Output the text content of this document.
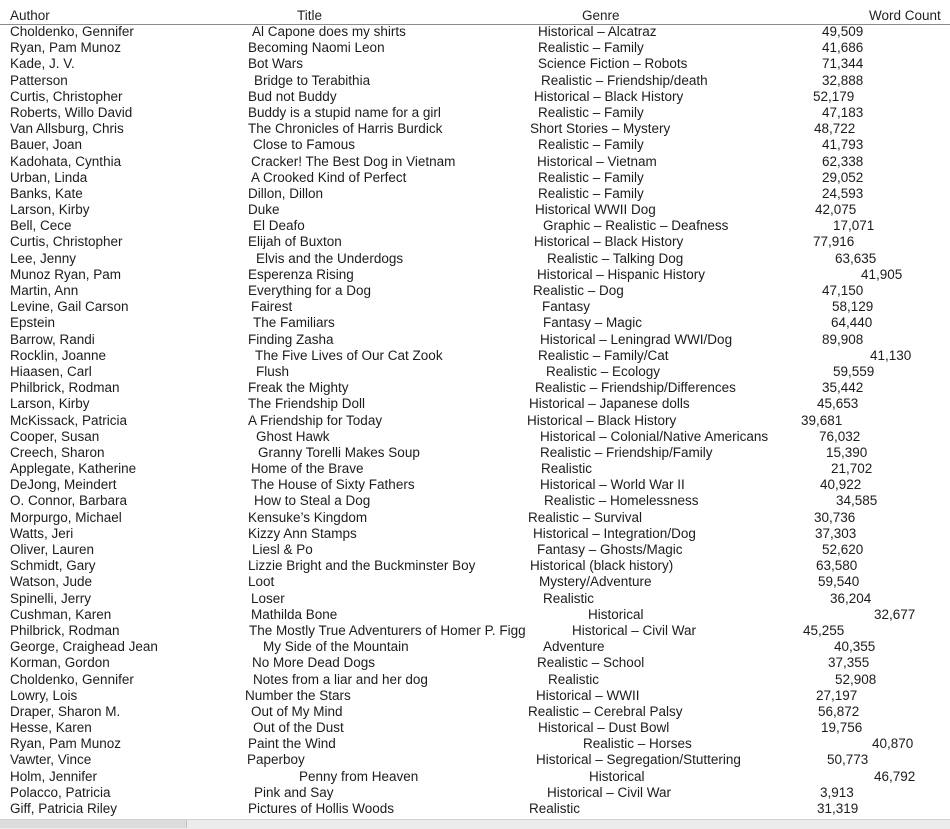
Author	Title	Genre	Word Count
Choldenko, Gennifer	Al Capone does my shirts	Historical – Alcatraz	49,509
Ryan, Pam Munoz	Becoming Naomi Leon	Realistic – Family	41,686
Kade, J. V.	Bot Wars	Science Fiction – Robots	71,344
Patterson	Bridge to Terabithia	Realistic – Friendship/death	32,888
Curtis, Christopher	Bud not Buddy	Historical – Black History	52,179
Roberts, Willo David	Buddy is a stupid name for a girl	Realistic – Family	47,183
Van Allsburg, Chris	The Chronicles of Harris Burdick	Short Stories – Mystery	48,722
Bauer, Joan	Close to Famous	Realistic – Family	41,793
Kadohata, Cynthia	Cracker! The Best Dog in Vietnam	Historical – Vietnam	62,338
Urban, Linda	A Crooked Kind of Perfect	Realistic – Family	29,052
Banks, Kate	Dillon, Dillon	Realistic – Family	24,593
Larson, Kirby	Duke	Historical WWII Dog	42,075
Bell, Cece	El Deafo	Graphic – Realistic – Deafness	17,071
Curtis, Christopher	Elijah of Buxton	Historical – Black History	77,916
Lee, Jenny	Elvis and the Underdogs	Realistic – Talking Dog	63,635
Munoz Ryan, Pam	Esperenza Rising	Historical – Hispanic History	41,905
Martin, Ann	Everything for a Dog	Realistic – Dog	47,150
Levine, Gail Carson	Fairest	Fantasy	58,129
Epstein	The Familiars	Fantasy – Magic	64,440
Barrow, Randi	Finding Zasha	Historical – Leningrad WWI/Dog	89,908
Rocklin, Joanne	The Five Lives of Our Cat Zook	Realistic – Family/Cat	41,130
Hiaasen, Carl	Flush	Realistic – Ecology	59,559
Philbrick, Rodman	Freak the Mighty	Realistic – Friendship/Differences	35,442
Larson, Kirby	The Friendship Doll	Historical – Japanese dolls	45,653
McKissack, Patricia	A Friendship for Today	Historical – Black History	39,681
Cooper, Susan	Ghost Hawk	Historical – Colonial/Native Americans	76,032
Creech, Sharon	Granny Torelli Makes Soup	Realistic – Friendship/Family	15,390
Applegate, Katherine	Home of the Brave	Realistic	21,702
DeJong, Meindert	The House of Sixty Fathers	Historical – World War II	40,922
O. Connor, Barbara	How to Steal a Dog	Realistic – Homelessness	34,585
Morpurgo, Michael	Kensuke’s Kingdom	Realistic – Survival	30,736
Watts, Jeri	Kizzy Ann Stamps	Historical – Integration/Dog	37,303
Oliver, Lauren	Liesl & Po	Fantasy – Ghosts/Magic	52,620
Schmidt, Gary	Lizzie Bright and the Buckminster Boy	Historical (black history)	63,580
Watson, Jude	Loot	Mystery/Adventure	59,540
Spinelli, Jerry	Loser	Realistic	36,204
Cushman, Karen	Mathilda Bone	Historical	32,677
Philbrick, Rodman	The Mostly True Adventurers of Homer P. Figg	Historical – Civil War	45,255
George, Craighead Jean	My Side of the Mountain	Adventure	40,355
Korman, Gordon	No More Dead Dogs	Realistic – School	37,355
Choldenko, Gennifer	Notes from a liar and her dog	Realistic	52,908
Lowry, Lois	Number the Stars	Historical – WWII	27,197
Draper, Sharon M.	Out of My Mind	Realistic – Cerebral Palsy	56,872
Hesse, Karen	Out of the Dust	Historical – Dust Bowl	19,756
Ryan, Pam Munoz	Paint the Wind	Realistic – Horses	40,870
Vawter, Vince	Paperboy	Historical – Segregation/Stuttering	50,773
Holm, Jennifer	Penny from Heaven	Historical	46,792
Polacco, Patricia	Pink and Say	Historical – Civil War	3,913
Giff, Patricia Riley	Pictures of Hollis Woods	Realistic	31,319
